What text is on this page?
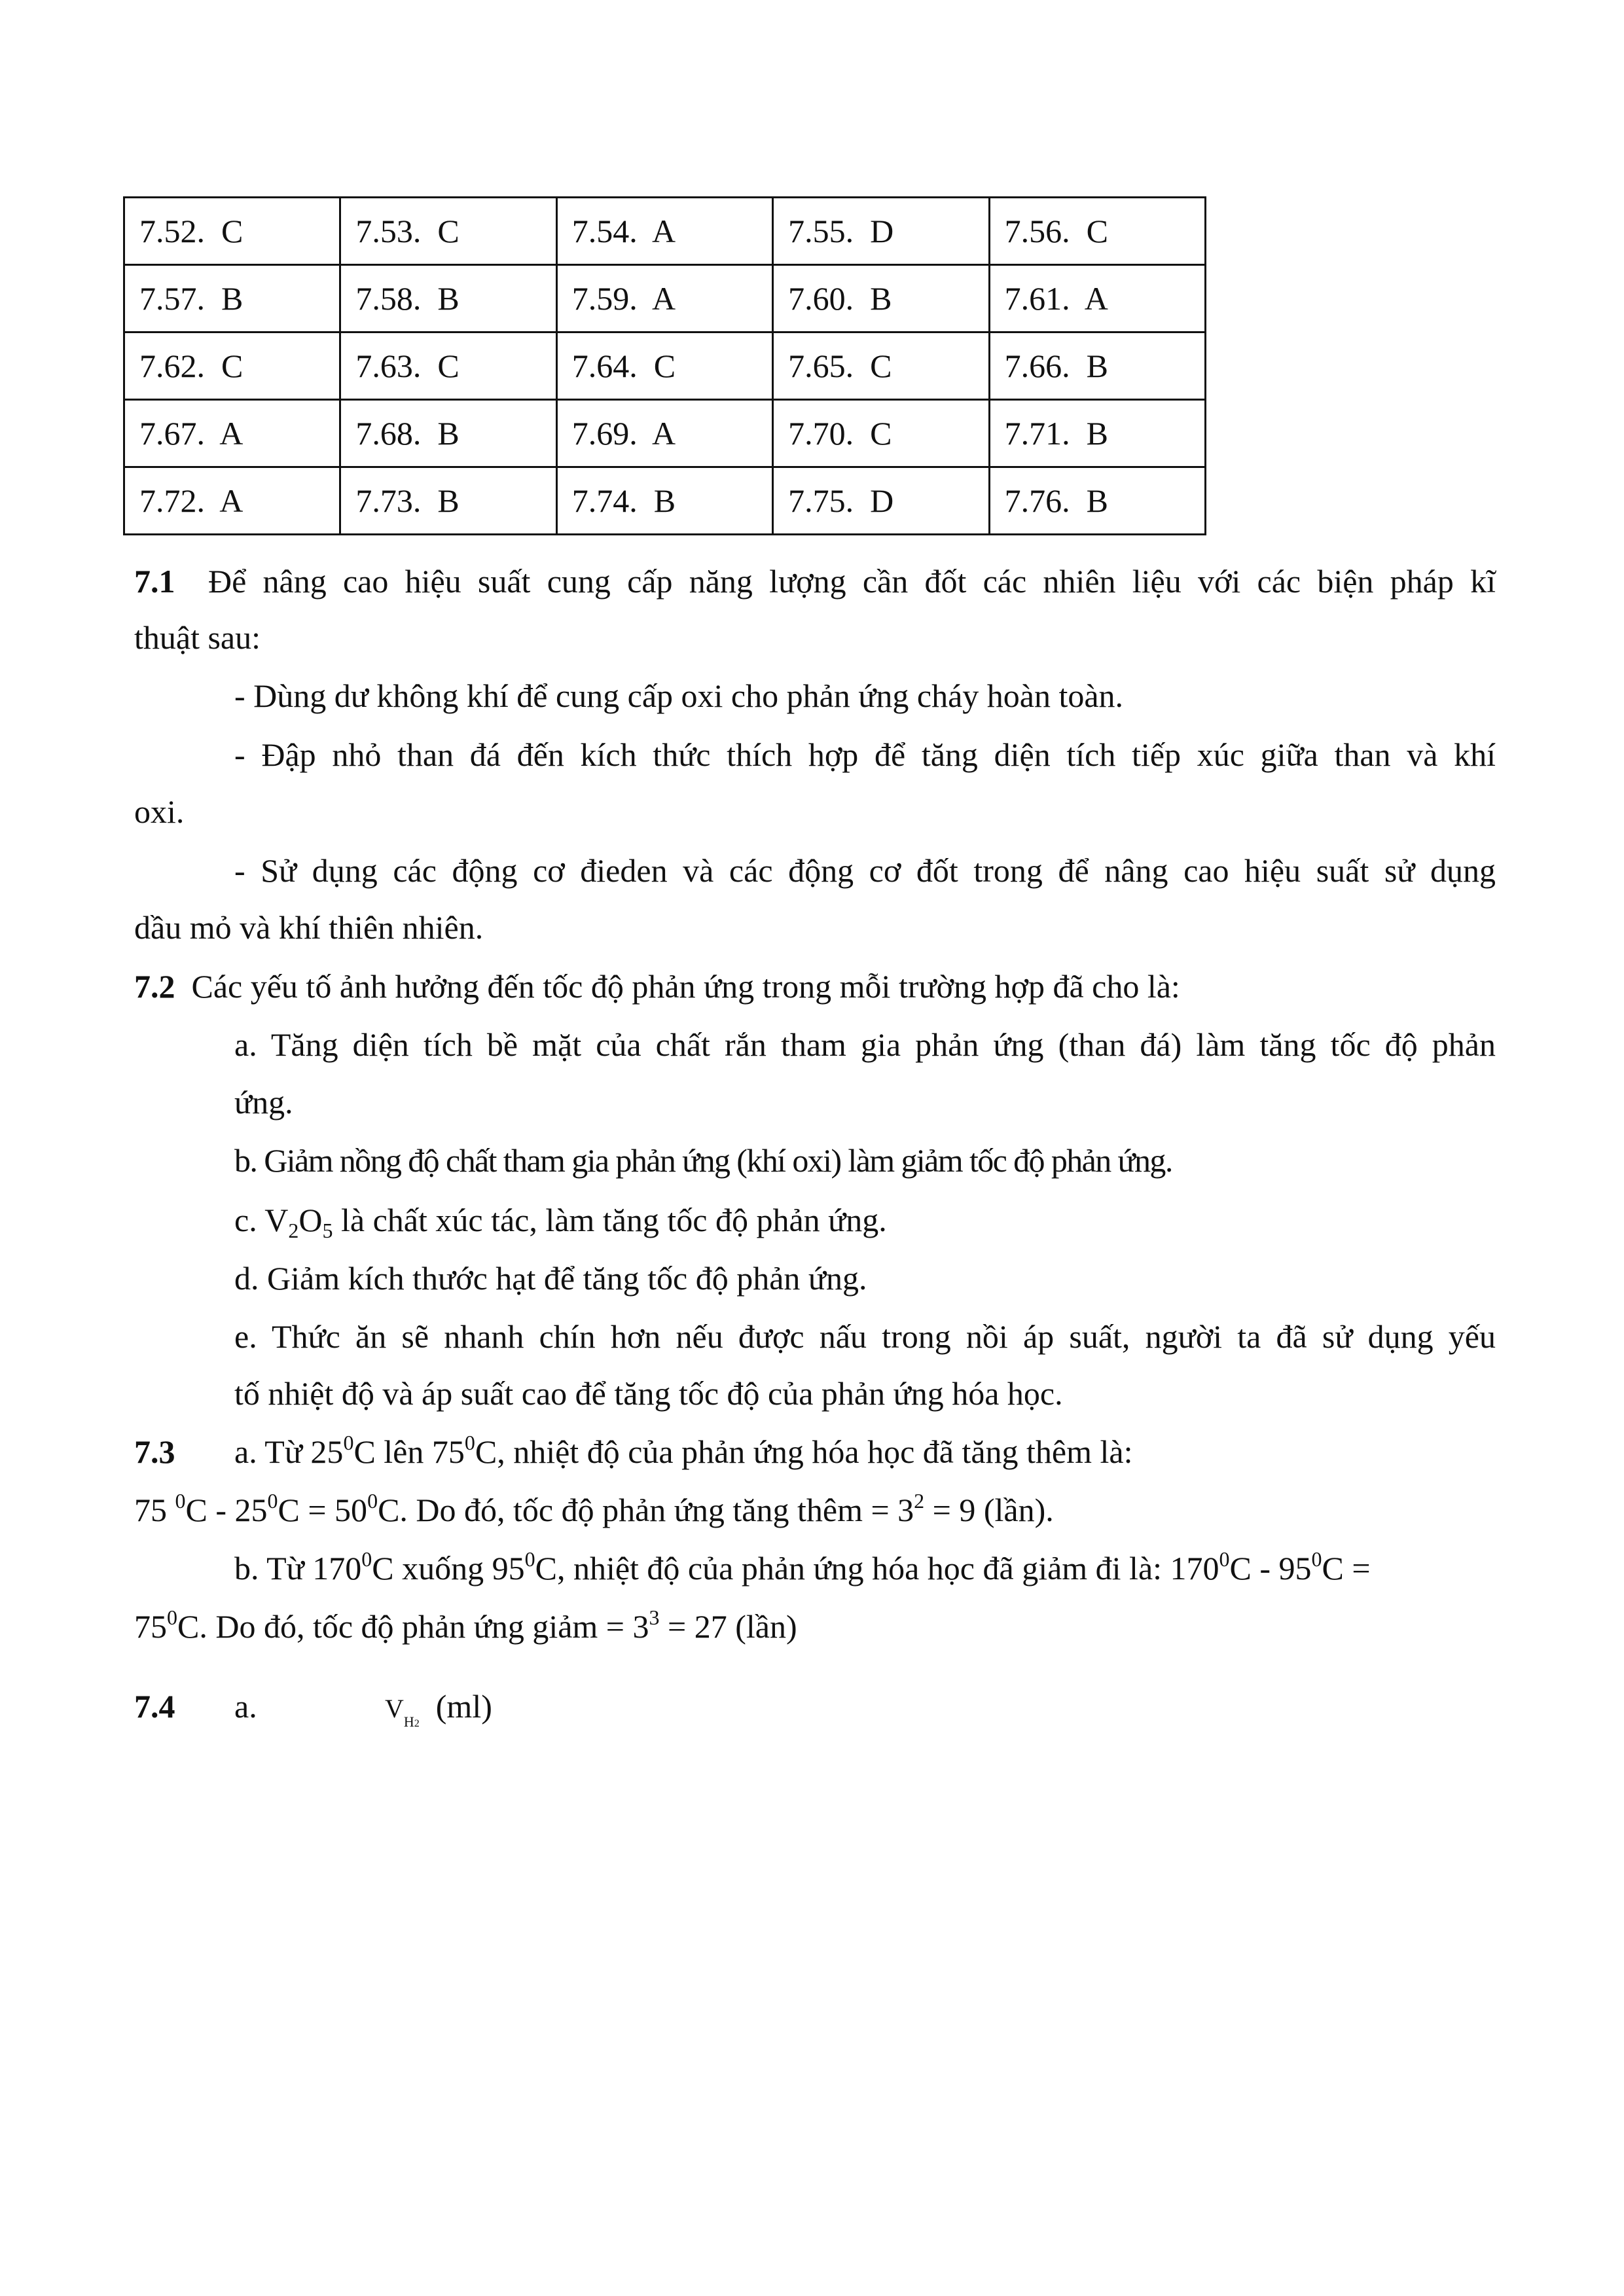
7.52.  C	7.53.  C	7.54.  A	7.55.  D	7.56.  C
7.57.  B	7.58.  B	7.59.  A	7.60.  B	7.61.  A
7.62.  C	7.63.  C	7.64.  C	7.65.  C	7.66.  B
7.67.  A	7.68.  B	7.69.  A	7.70.  C	7.71.  B
7.72.  A	7.73.  B	7.74.  B	7.75.  D	7.76.  B
7.1 Để nâng cao hiệu suất cung cấp năng lượng cần đốt các nhiên liệu với các biện pháp kĩ
thuật sau:
- Dùng dư không khí để cung cấp oxi cho phản ứng cháy hoàn toàn.
- Đập nhỏ than đá đến kích thức thích hợp để tăng diện tích tiếp xúc giữa than và khí
oxi.
- Sử dụng các động cơ đieden và các động cơ đốt trong để nâng cao hiệu suất sử dụng
dầu mỏ và khí thiên nhiên.
7.2 Các yếu tố ảnh hưởng đến tốc độ phản ứng trong mỗi trường hợp đã cho là:
a. Tăng diện tích bề mặt của chất rắn tham gia phản ứng (than đá) làm tăng tốc độ phản
ứng.
b. Giảm nồng độ chất tham gia phản ứng (khí oxi) làm giảm tốc độ phản ứng.
c. $V_2O_5$ là chất xúc tác, làm tăng tốc độ phản ứng.
d. Giảm kích thước hạt để tăng tốc độ phản ứng.
e. Thức ăn sẽ nhanh chín hơn nếu được nấu trong nồi áp suất, người ta đã sử dụng yếu
tố nhiệt độ và áp suất cao để tăng tốc độ của phản ứng hóa học.
7.3 a. Từ $25^0C$ lên $75^0C$, nhiệt độ của phản ứng hóa học đã tăng thêm là:
75 $^0C - 25^0C = 50^0C$. Do đó, tốc độ phản ứng tăng thêm = $3^2 = 9$ (lần).
b. Từ $170^0C$ xuống $95^0C$, nhiệt độ của phản ứng hóa học đã giảm đi là: $170^0C - 95^0C$ =
$75^0C$. Do đó, tốc độ phản ứng giảm = $3^3 = 27$ (lần)
7.4 a.	$V_{H2}$ (ml)
